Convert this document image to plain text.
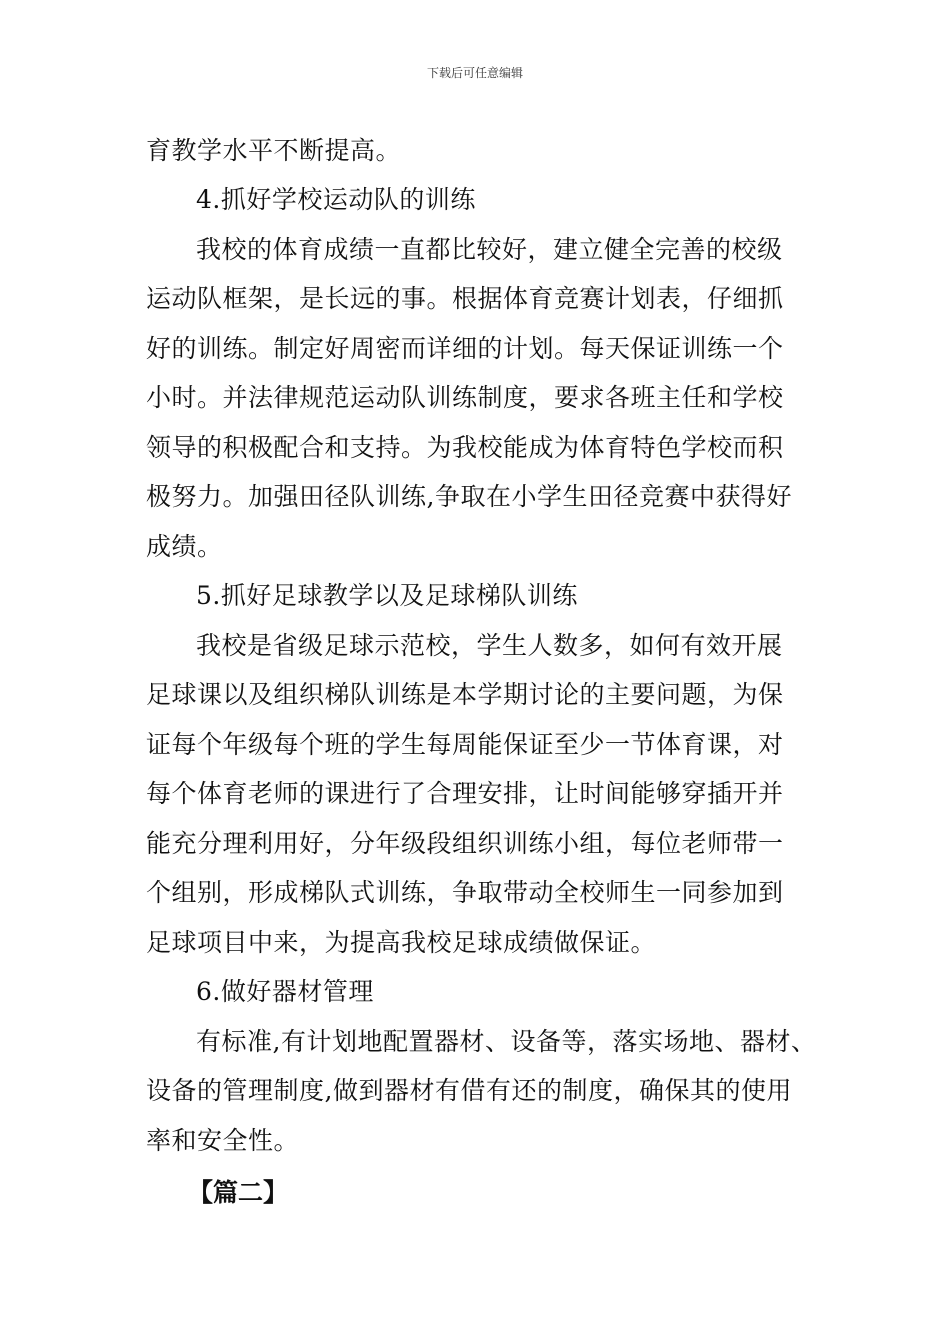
下载后可任意编辑
育教学水平不断提高。
4.抓好学校运动队的训练
我校的体育成绩一直都比较好，建立健全完善的校级
运动队框架，是长远的事。根据体育竞赛计划表，仔细抓
好的训练。制定好周密而详细的计划。每天保证训练一个
小时。并法律规范运动队训练制度，要求各班主任和学校
领导的积极配合和支持。为我校能成为体育特色学校而积
极努力。加强田径队训练,争取在小学生田径竞赛中获得好
成绩。
5.抓好足球教学以及足球梯队训练
我校是省级足球示范校，学生人数多，如何有效开展
足球课以及组织梯队训练是本学期讨论的主要问题，为保
证每个年级每个班的学生每周能保证至少一节体育课，对
每个体育老师的课进行了合理安排，让时间能够穿插开并
能充分理利用好，分年级段组织训练小组，每位老师带一
个组别，形成梯队式训练，争取带动全校师生一同参加到
足球项目中来，为提高我校足球成绩做保证。
6.做好器材管理
有标准,有计划地配置器材、设备等，落实场地、器材、
设备的管理制度,做到器材有借有还的制度，确保其的使用
率和安全性。
【篇二】
